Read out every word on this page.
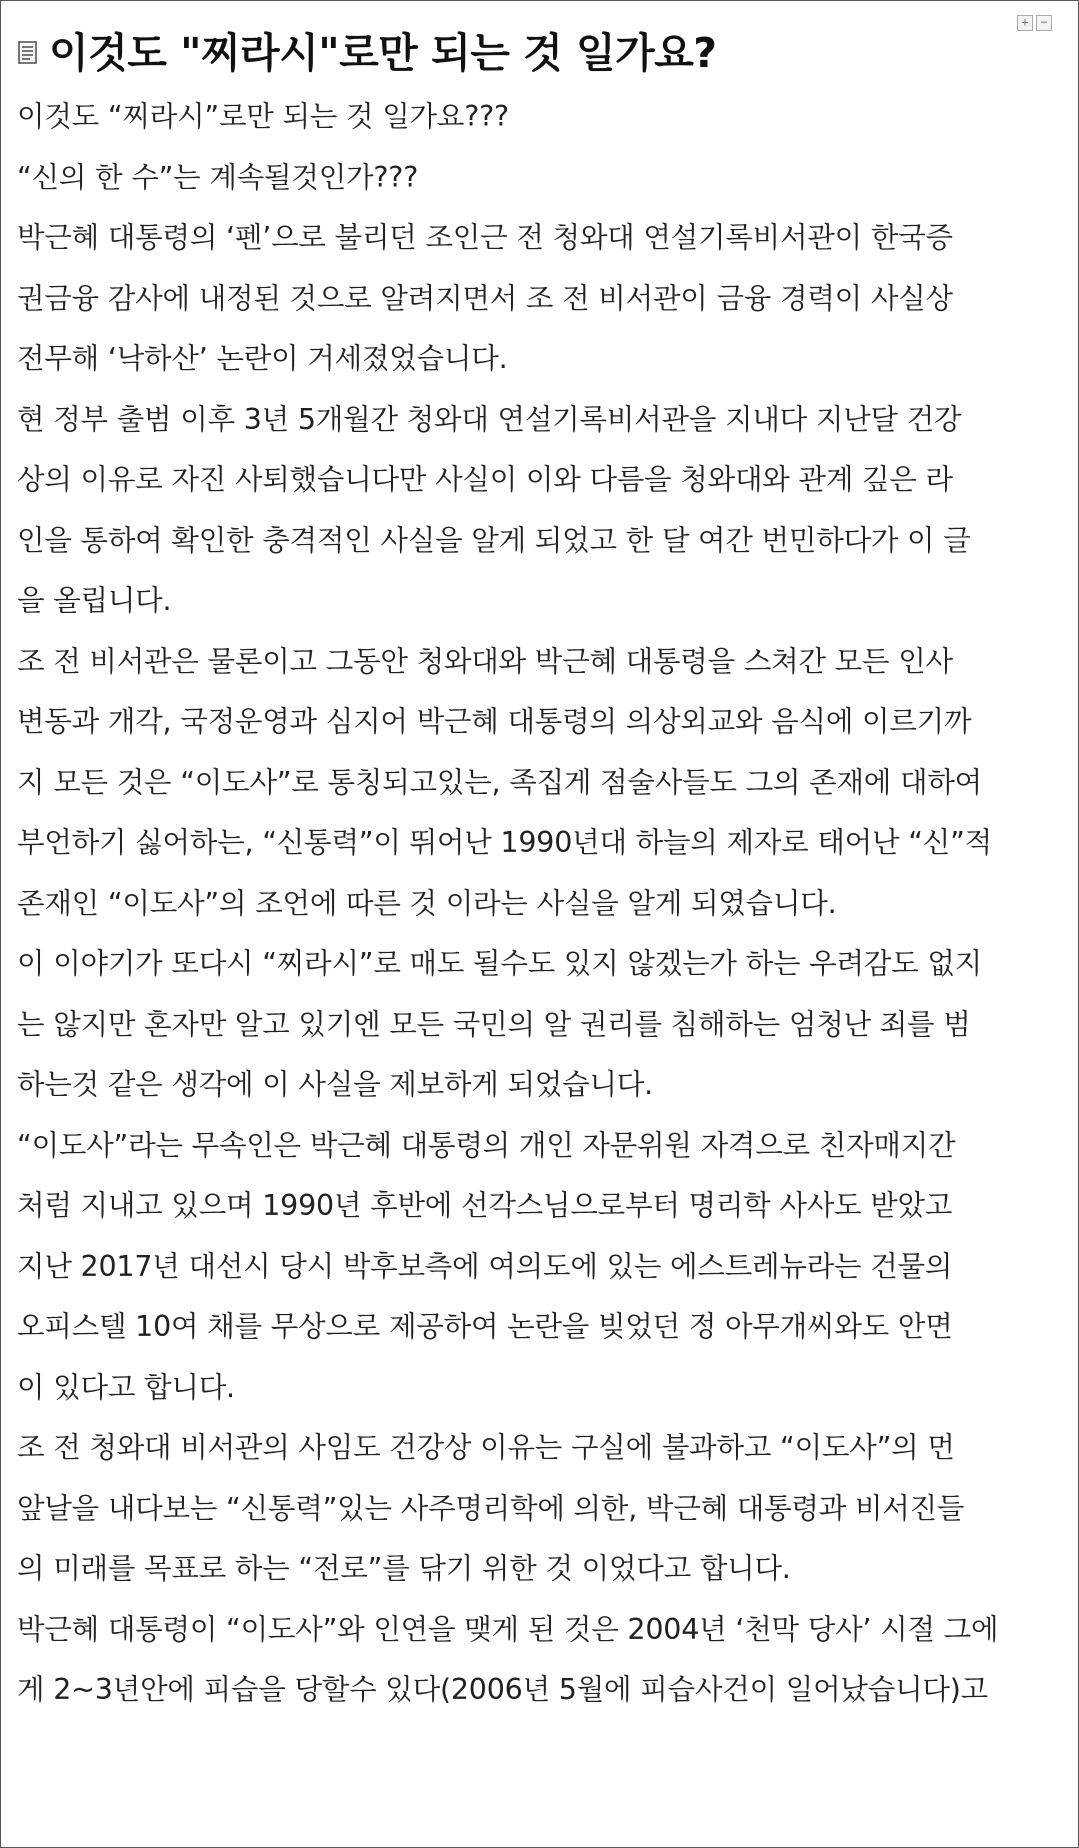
+ −
이것도 "찌라시"로만 되는 것 일가요?

이것도 “찌라시”로만 되는 것 일가요???

“신의 한 수”는 계속될것인가???

박근혜 대통령의 ‘펜’으로 불리던 조인근 전 청와대 연설기록비서관이 한국증

권금융 감사에 내정된 것으로 알려지면서 조 전 비서관이 금융 경력이 사실상

전무해 ‘낙하산’ 논란이 거세졌었습니다.

현 정부 출범 이후 3년 5개월간 청와대 연설기록비서관을 지내다 지난달 건강

상의 이유로 자진 사퇴했습니다만 사실이 이와 다름을 청와대와 관계 깊은 라

인을 통하여 확인한 충격적인 사실을 알게 되었고 한 달 여간 번민하다가 이 글

을 올립니다.

조 전 비서관은 물론이고 그동안 청와대와 박근혜 대통령을 스쳐간 모든 인사

변동과 개각, 국정운영과 심지어 박근혜 대통령의 의상외교와 음식에 이르기까

지 모든 것은 “이도사”로 통칭되고있는, 족집게 점술사들도 그의 존재에 대하여

부언하기 싫어하는, “신통력”이 뛰어난 1990년대 하늘의 제자로 태어난 “신”적

존재인 “이도사”의 조언에 따른 것 이라는 사실을 알게 되였습니다.

이 이야기가 또다시 “찌라시”로 매도 될수도 있지 않겠는가 하는 우려감도 없지

는 않지만 혼자만 알고 있기엔 모든 국민의 알 권리를 침해하는 엄청난 죄를 범

하는것 같은 생각에 이 사실을 제보하게 되었습니다.

“이도사”라는 무속인은 박근혜 대통령의 개인 자문위원 자격으로 친자매지간

처럼 지내고 있으며 1990년 후반에 선각스님으로부터 명리학 사사도 받았고

지난 2017년 대선시 당시 박후보측에 여의도에 있는 에스트레뉴라는 건물의

오피스텔 10여 채를 무상으로 제공하여 논란을 빚었던 정 아무개씨와도 안면

이 있다고 합니다.

조 전 청와대 비서관의 사임도 건강상 이유는 구실에 불과하고 “이도사”의 먼

앞날을 내다보는 “신통력”있는 사주명리학에 의한, 박근혜 대통령과 비서진들

의 미래를 목표로 하는 “전로”를 닦기 위한 것 이었다고 합니다.

박근혜 대통령이 “이도사”와 인연을 맺게 된 것은 2004년 ‘천막 당사’ 시절 그에

게 2~3년안에 피습을 당할수 있다(2006년 5월에 피습사건이 일어났습니다)고
